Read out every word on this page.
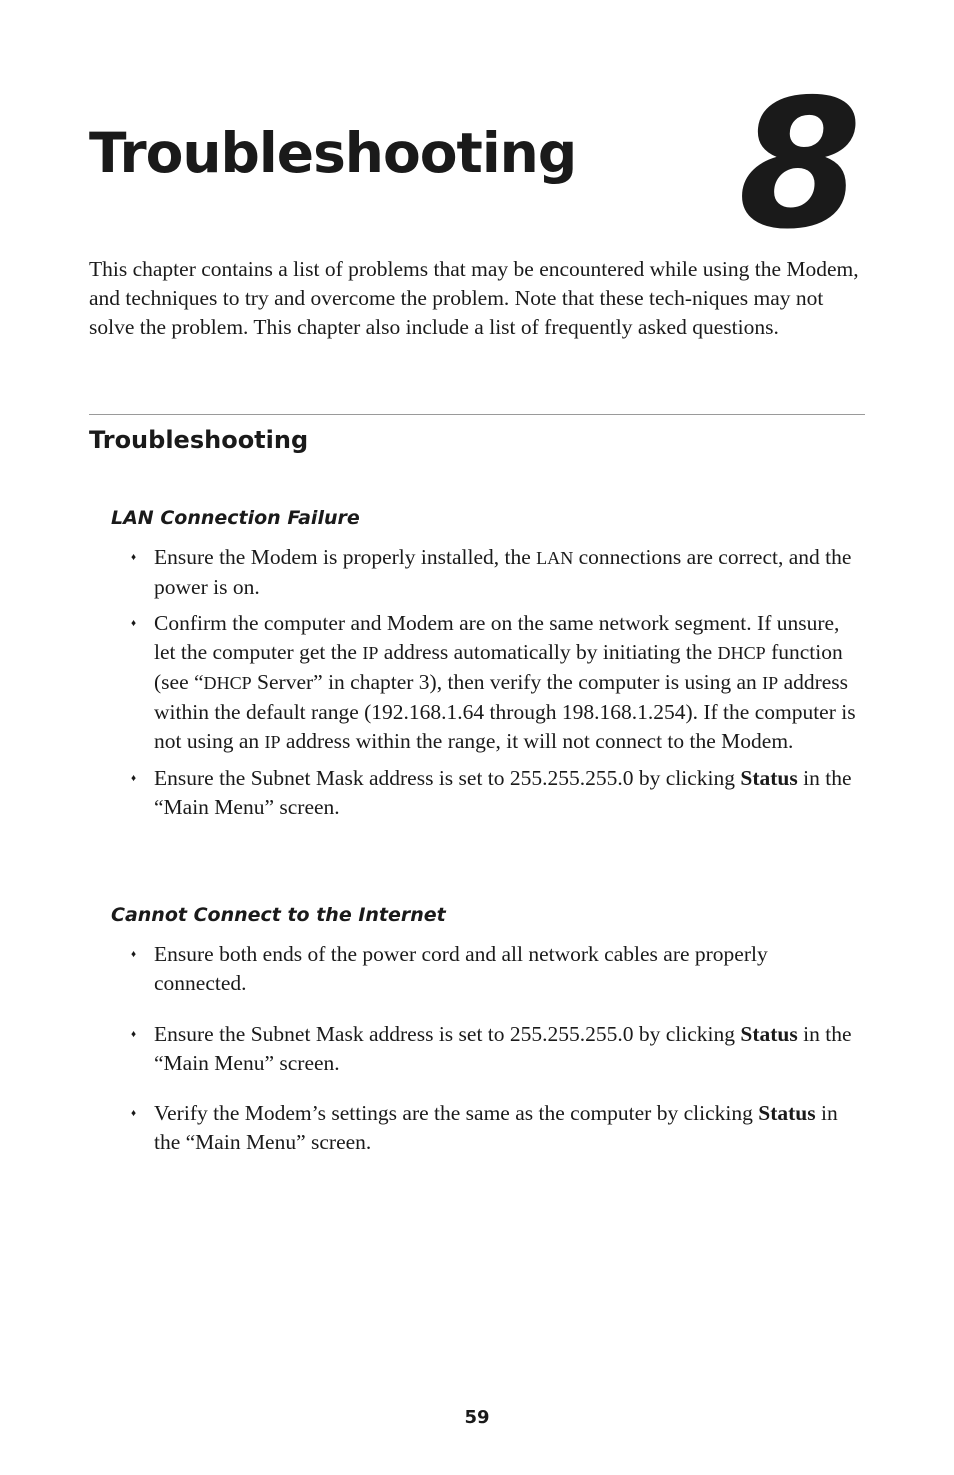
Troubleshooting 8

This chapter contains a list of problems that may be encountered while using the Modem, and techniques to try and overcome the problem. Note that these tech-niques may not solve the problem. This chapter also include a list of frequently asked questions.

Troubleshooting
LAN Connection Failure
♦ Ensure the Modem is properly installed, the LAN connections are correct, and the power is on.
♦ Confirm the computer and Modem are on the same network segment. If unsure, let the computer get the IP address automatically by initiating the DHCP function (see “DHCP Server” in chapter 3), then verify the computer is using an IP address within the default range (192.168.1.64 through 198.168.1.254). If the computer is not using an IP address within the range, it will not connect to the Modem.
♦ Ensure the Subnet Mask address is set to 255.255.255.0 by clicking Status in the “Main Menu” screen.
Cannot Connect to the Internet
♦ Ensure both ends of the power cord and all network cables are properly connected.
♦ Ensure the Subnet Mask address is set to 255.255.255.0 by clicking Status in the “Main Menu” screen.
♦ Verify the Modem’s settings are the same as the computer by clicking Status in the “Main Menu” screen.
59
